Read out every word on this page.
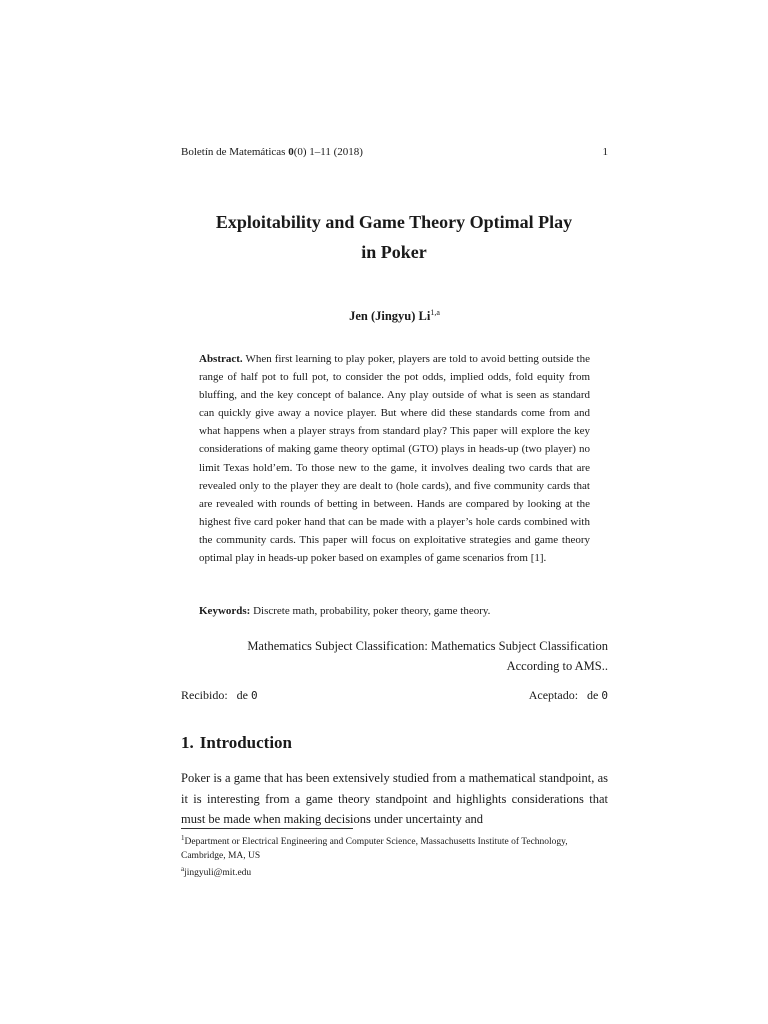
Boletín de Matemáticas 0(0) 1–11 (2018)	1
Exploitability and Game Theory Optimal Play
in Poker
Jen (Jingyu) Li$^{1,a}$
Abstract. When first learning to play poker, players are told to avoid betting outside the range of half pot to full pot, to consider the pot odds, implied odds, fold equity from bluffing, and the key concept of balance. Any play outside of what is seen as standard can quickly give away a novice player. But where did these standards come from and what happens when a player strays from standard play? This paper will explore the key considerations of making game theory optimal (GTO) plays in heads-up (two player) no limit Texas hold’em. To those new to the game, it involves dealing two cards that are revealed only to the player they are dealt to (hole cards), and five community cards that are revealed with rounds of betting in between. Hands are compared by looking at the highest five card poker hand that can be made with a player’s hole cards combined with the community cards. This paper will focus on exploitative strategies and game theory optimal play in heads-up poker based on examples of game scenarios from [1].
Keywords: Discrete math, probability, poker theory, game theory.
Mathematics Subject Classification: Mathematics Subject Classification
According to AMS..
Recibido: de 0	Aceptado: de 0
1. Introduction
Poker is a game that has been extensively studied from a mathematical standpoint, as it is interesting from a game theory standpoint and highlights considerations that must be made when making decisions under uncertainty and
$^1$Department or Electrical Engineering and Computer Science, Massachusetts Institute of Technology, Cambridge, MA, US
$^a$jingyuli@mit.edu
